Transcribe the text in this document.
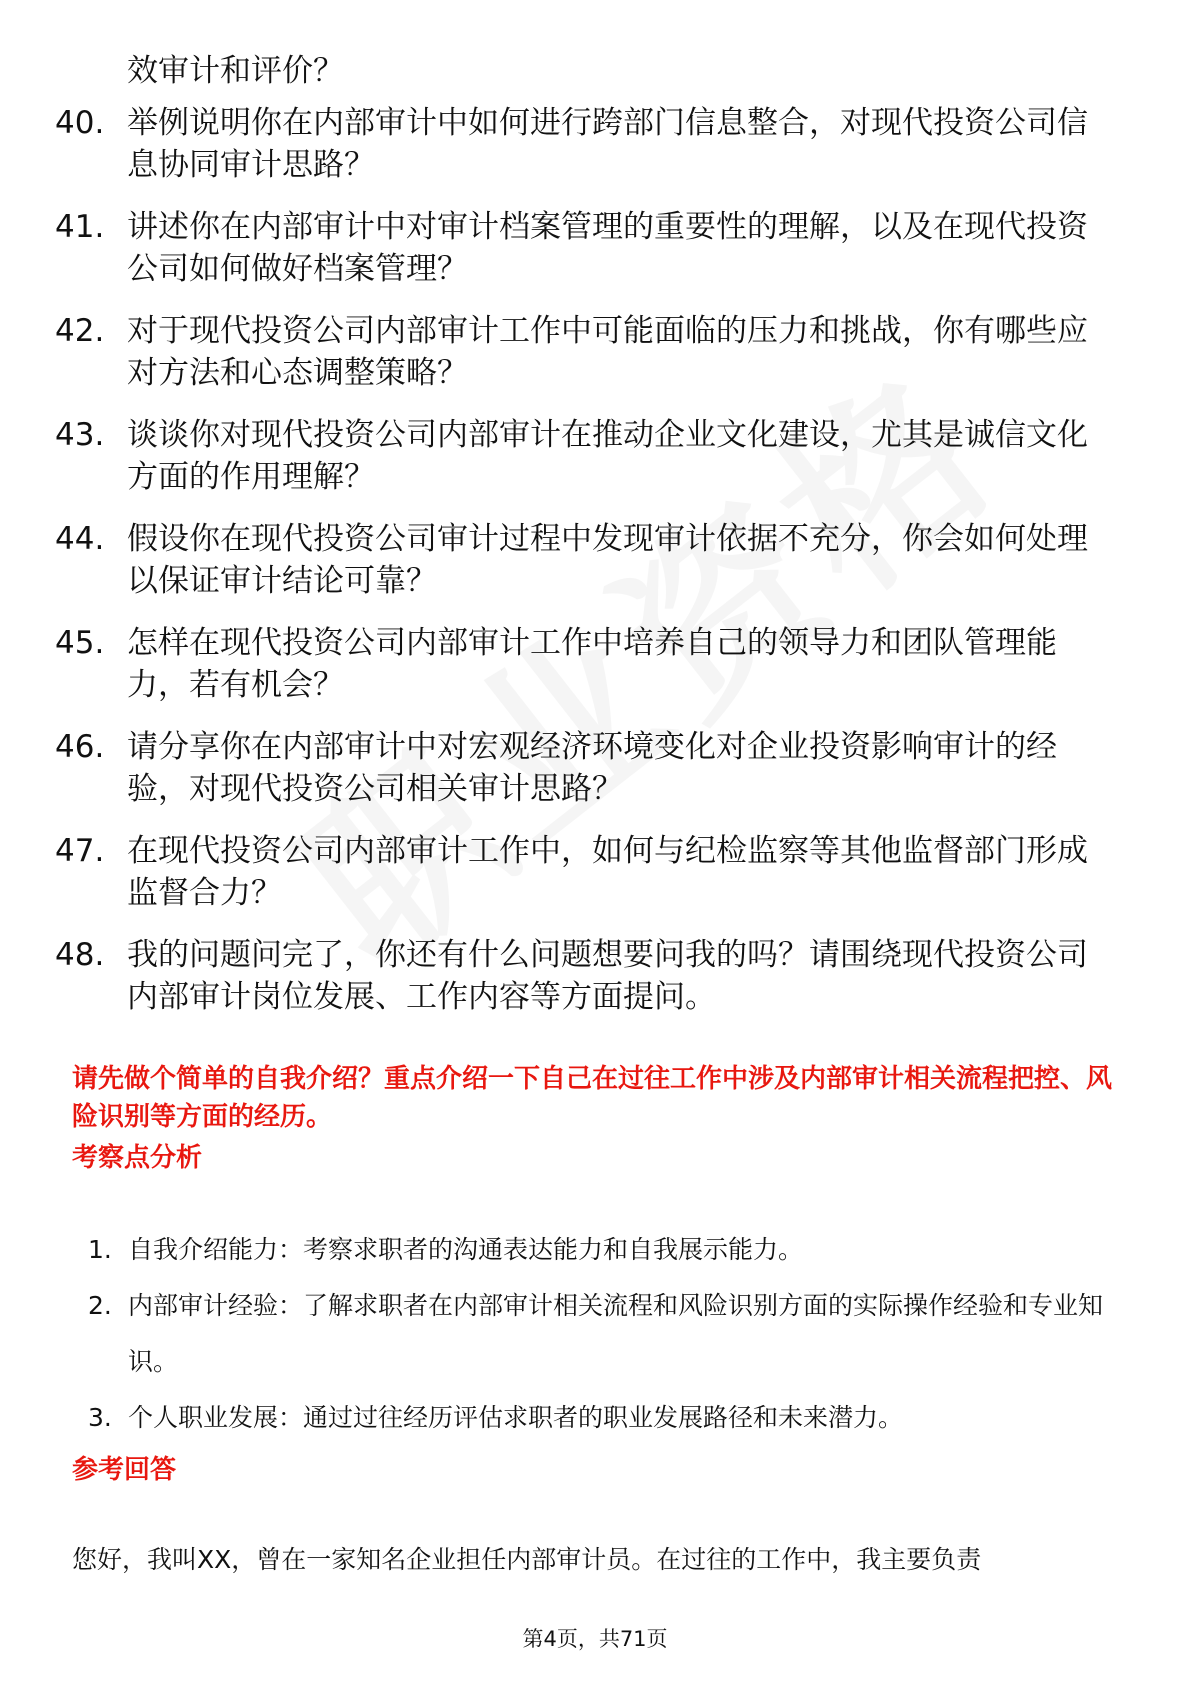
效审计和评价？

40. 举例说明你在内部审计中如何进行跨部门信息整合，对现代投资公司信息协同审计思路？
41. 讲述你在内部审计中对审计档案管理的重要性的理解，以及在现代投资公司如何做好档案管理？
42. 对于现代投资公司内部审计工作中可能面临的压力和挑战，你有哪些应对方法和心态调整策略？
43. 谈谈你对现代投资公司内部审计在推动企业文化建设，尤其是诚信文化方面的作用理解？
44. 假设你在现代投资公司审计过程中发现审计依据不充分，你会如何处理以保证审计结论可靠？
45. 怎样在现代投资公司内部审计工作中培养自己的领导力和团队管理能力，若有机会？
46. 请分享你在内部审计中对宏观经济环境变化对企业投资影响审计的经验，对现代投资公司相关审计思路？
47. 在现代投资公司内部审计工作中，如何与纪检监察等其他监督部门形成监督合力？
48. 我的问题问完了，你还有什么问题想要问我的吗？请围绕现代投资公司内部审计岗位发展、工作内容等方面提问。

请先做个简单的自我介绍？重点介绍一下自己在过往工作中涉及内部审计相关流程把控、风险识别等方面的经历。

考察点分析
1. 自我介绍能力：考察求职者的沟通表达能力和自我展示能力。
2. 内部审计经验：了解求职者在内部审计相关流程和风险识别方面的实际操作经验和专业知识。
3. 个人职业发展：通过过往经历评估求职者的职业发展路径和未来潜力。
参考回答

您好，我叫XX，曾在一家知名企业担任内部审计员。在过往的工作中，我主要负责

第4页，共71页
